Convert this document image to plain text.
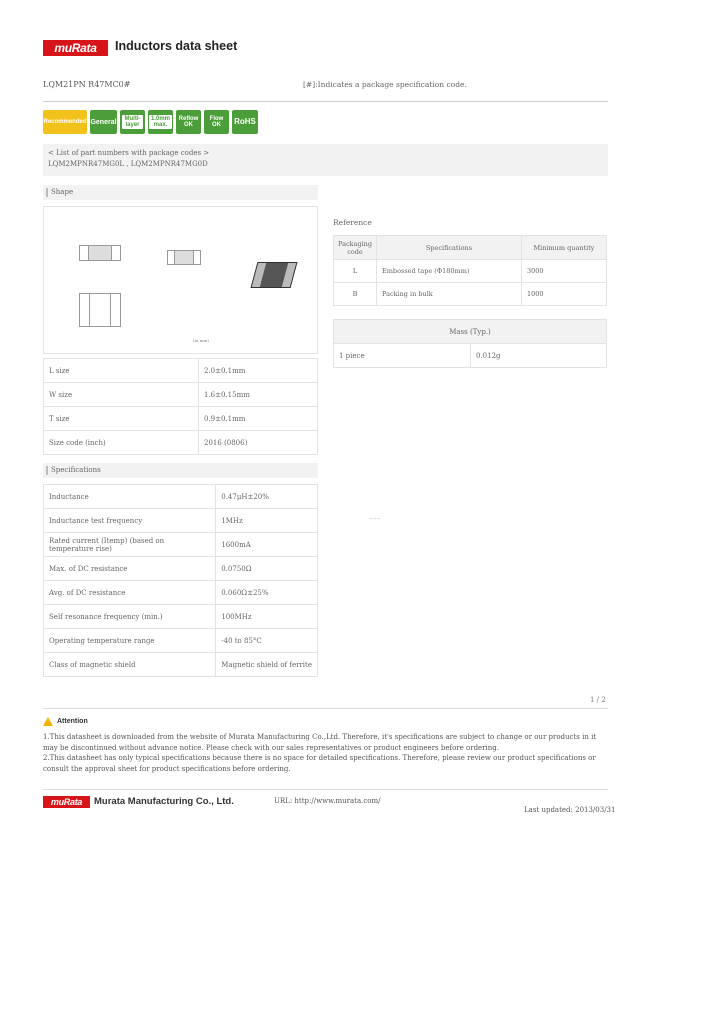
muRata	Inductors data sheet
LQM21PN R47MC0#	[#]:Indicates a package specification code.
Recommended General	Multi-layer
1.0mm max.
Reflow OK
Flow OK	RoHS
< List of part numbers with package codes >
LQM2MPNR47MG0L , LQM2MPNR47MG0D
Shape
(in mm)
L size	2.0±0.1mm
W size	1.6±0.15mm
T size	0.9±0.1mm
Size code (inch)	2016 (0806)
Reference
Packaging code	Specifications	Minimum quantity
L	Embossed tape (Φ180mm)	3000
B	Packing in bulk	1000
Mass (Typ.)
1 piece	0.012g
Specifications
Inductance	0.47μH±20%
Inductance test frequency	1MHz
Rated current (Itemp) (based on temperature rise)	1600mA
Max. of DC resistance	0.0750Ω
Avg. of DC resistance	0.060Ω±25%
Self resonance frequency (min.)	100MHz
Operating temperature range	-40 to 85°C
Class of magnetic shield	Magnetic shield of ferrite
......
1 / 2
Attention

1.This datasheet is downloaded from the website of Murata Manufacturing Co.,Ltd. Therefore, it's specifications are subject to change or our products in it may be discontinued without advance notice. Please check with our sales representatives or product engineers before ordering.

2.This datasheet has only typical specifications because there is no space for detailed specifications. Therefore, please review our product specifications or consult the approval sheet for product specifications before ordering.

muRata	Murata Manufacturing Co., Ltd.	URL: http://www.murata.com/
Last updated: 2013/03/31
